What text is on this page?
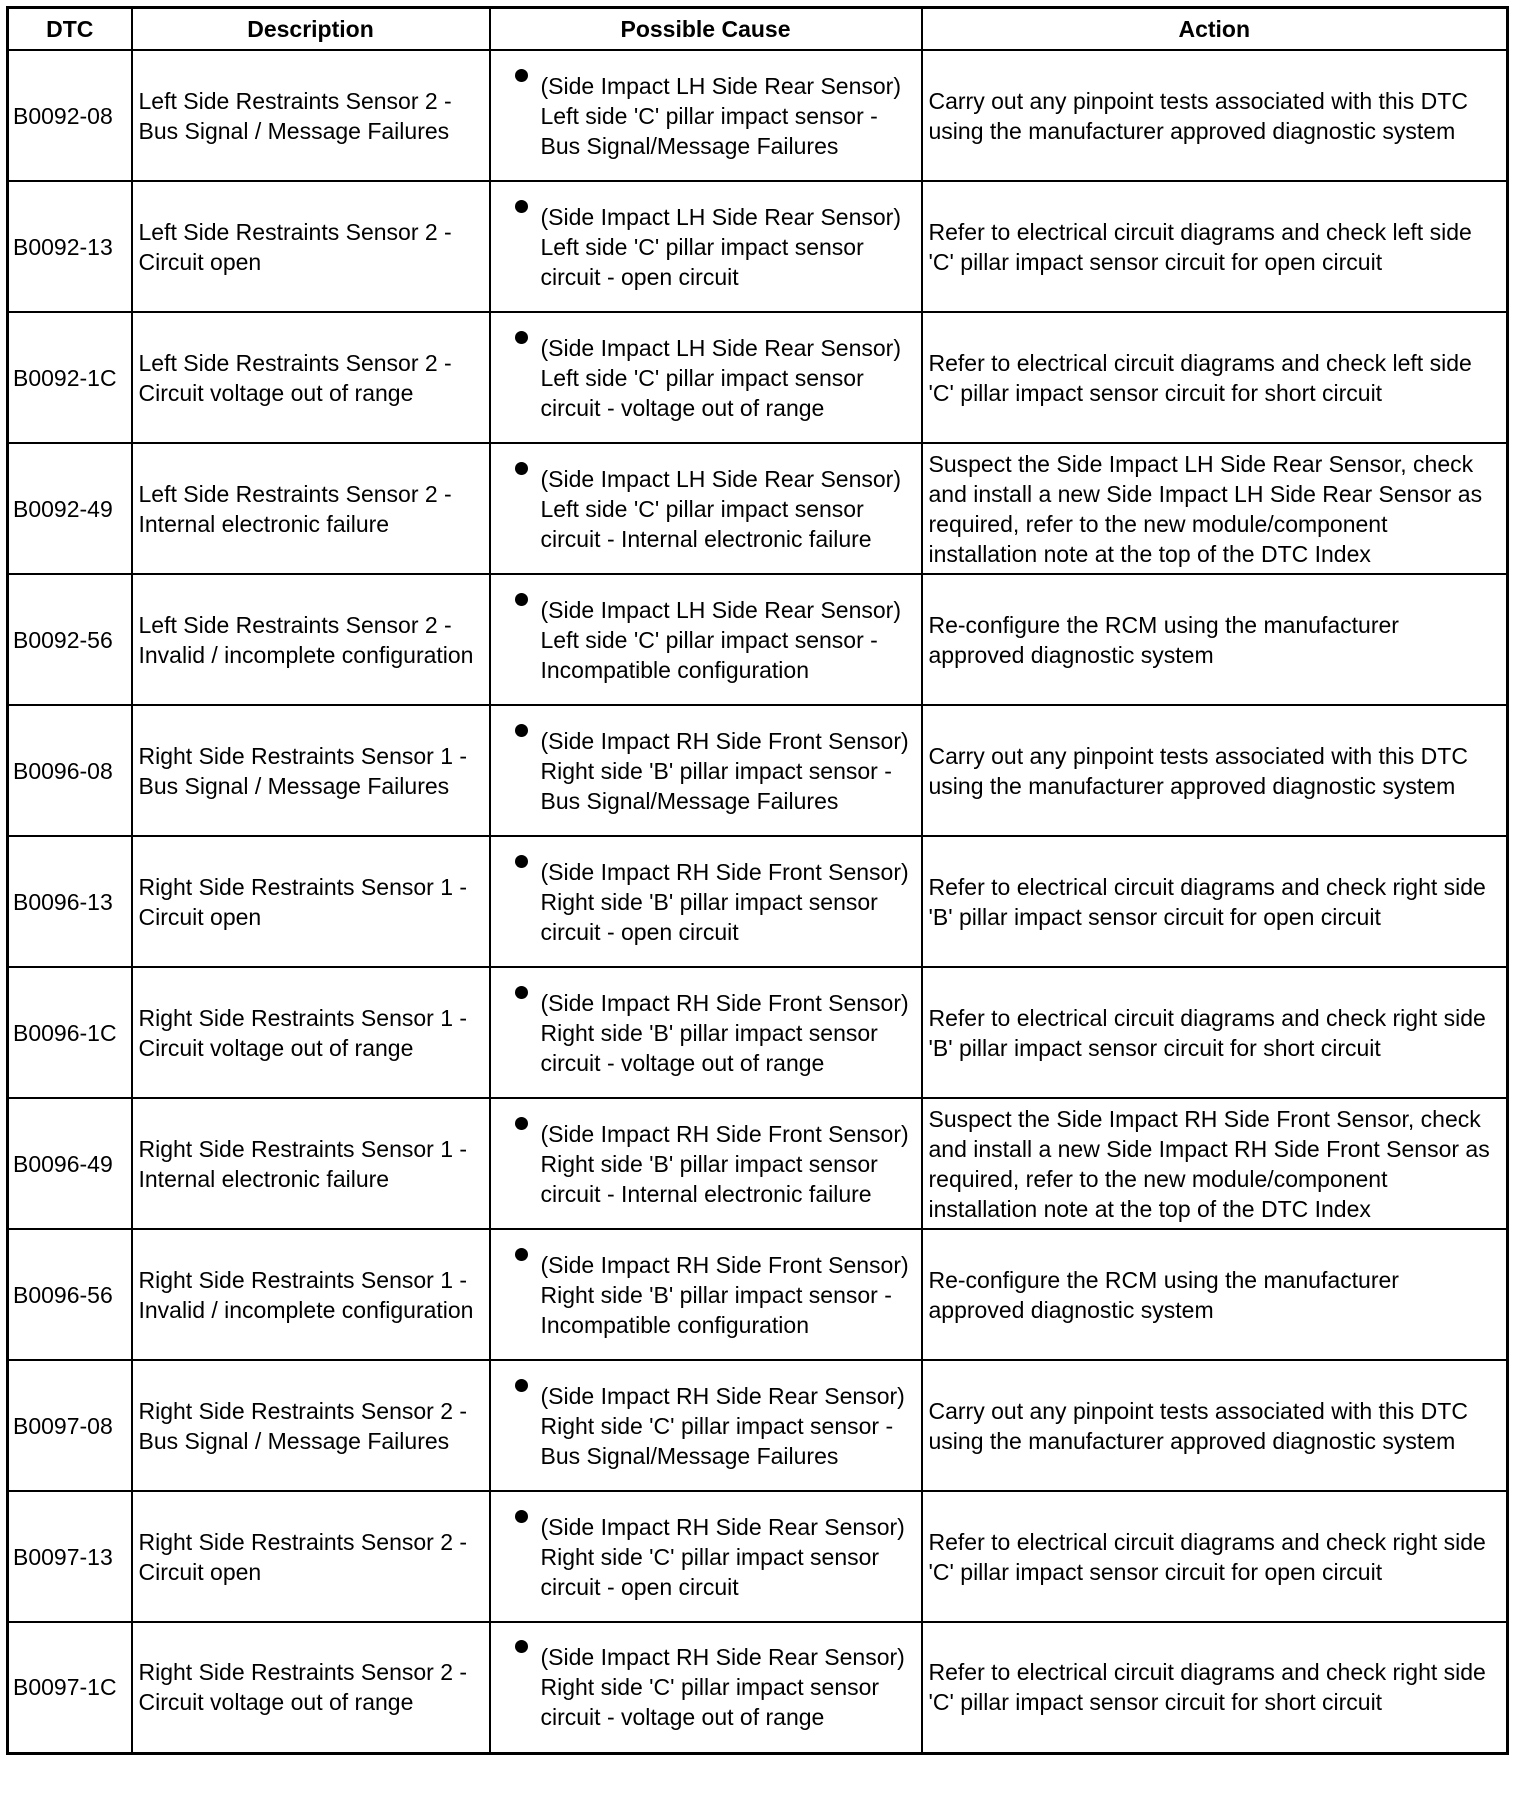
DTC	Description	Possible Cause	Action
B0092-08	Left Side Restraints Sensor 2 - Bus Signal / Message Failures	(Side Impact LH Side Rear Sensor) Left side 'C' pillar impact sensor - Bus Signal/Message Failures	Carry out any pinpoint tests associated with this DTC using the manufacturer approved diagnostic system
B0092-13	Left Side Restraints Sensor 2 - Circuit open	(Side Impact LH Side Rear Sensor) Left side 'C' pillar impact sensor circuit - open circuit	Refer to electrical circuit diagrams and check left side 'C' pillar impact sensor circuit for open circuit
B0092-1C	Left Side Restraints Sensor 2 - Circuit voltage out of range	(Side Impact LH Side Rear Sensor) Left side 'C' pillar impact sensor circuit - voltage out of range	Refer to electrical circuit diagrams and check left side 'C' pillar impact sensor circuit for short circuit
B0092-49	Left Side Restraints Sensor 2 - Internal electronic failure	(Side Impact LH Side Rear Sensor) Left side 'C' pillar impact sensor circuit - Internal electronic failure	Suspect the Side Impact LH Side Rear Sensor, check and install a new Side Impact LH Side Rear Sensor as required, refer to the new module/component installation note at the top of the DTC Index
B0092-56	Left Side Restraints Sensor 2 - Invalid / incomplete configuration	(Side Impact LH Side Rear Sensor) Left side 'C' pillar impact sensor - Incompatible configuration	Re-configure the RCM using the manufacturer approved diagnostic system
B0096-08	Right Side Restraints Sensor 1 - Bus Signal / Message Failures	(Side Impact RH Side Front Sensor) Right side 'B' pillar impact sensor - Bus Signal/Message Failures	Carry out any pinpoint tests associated with this DTC using the manufacturer approved diagnostic system
B0096-13	Right Side Restraints Sensor 1 - Circuit open	(Side Impact RH Side Front Sensor) Right side 'B' pillar impact sensor circuit - open circuit	Refer to electrical circuit diagrams and check right side 'B' pillar impact sensor circuit for open circuit
B0096-1C	Right Side Restraints Sensor 1 - Circuit voltage out of range	(Side Impact RH Side Front Sensor) Right side 'B' pillar impact sensor circuit - voltage out of range	Refer to electrical circuit diagrams and check right side 'B' pillar impact sensor circuit for short circuit
B0096-49	Right Side Restraints Sensor 1 - Internal electronic failure	(Side Impact RH Side Front Sensor) Right side 'B' pillar impact sensor circuit - Internal electronic failure	Suspect the Side Impact RH Side Front Sensor, check and install a new Side Impact RH Side Front Sensor as required, refer to the new module/component installation note at the top of the DTC Index
B0096-56	Right Side Restraints Sensor 1 - Invalid / incomplete configuration	(Side Impact RH Side Front Sensor) Right side 'B' pillar impact sensor - Incompatible configuration	Re-configure the RCM using the manufacturer approved diagnostic system
B0097-08	Right Side Restraints Sensor 2 - Bus Signal / Message Failures	(Side Impact RH Side Rear Sensor) Right side 'C' pillar impact sensor - Bus Signal/Message Failures	Carry out any pinpoint tests associated with this DTC using the manufacturer approved diagnostic system
B0097-13	Right Side Restraints Sensor 2 - Circuit open	(Side Impact RH Side Rear Sensor) Right side 'C' pillar impact sensor circuit - open circuit	Refer to electrical circuit diagrams and check right side 'C' pillar impact sensor circuit for open circuit
B0097-1C	Right Side Restraints Sensor 2 - Circuit voltage out of range	(Side Impact RH Side Rear Sensor) Right side 'C' pillar impact sensor circuit - voltage out of range	Refer to electrical circuit diagrams and check right side 'C' pillar impact sensor circuit for short circuit
